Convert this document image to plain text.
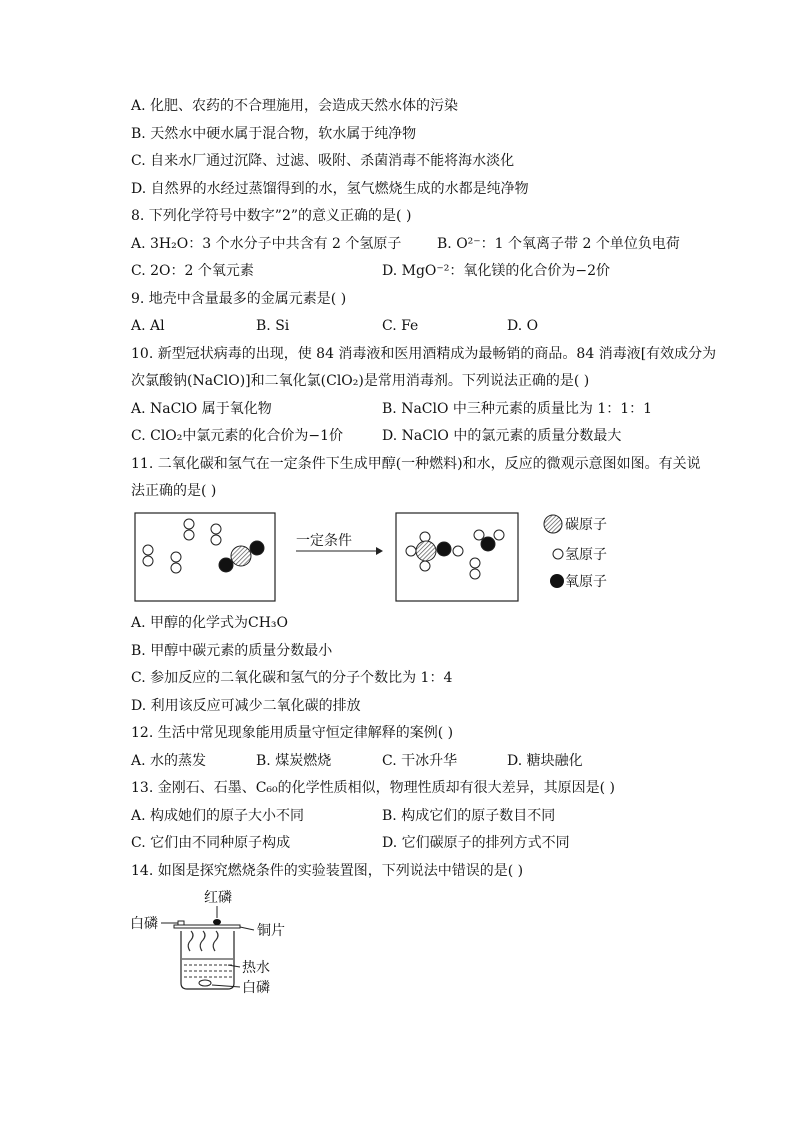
A. 化肥、农药的不合理施用，会造成天然水体的污染
B. 天然水中硬水属于混合物，软水属于纯净物
C. 自来水厂通过沉降、过滤、吸附、杀菌消毒不能将海水淡化
D. 自然界的水经过蒸馏得到的水，氢气燃烧生成的水都是纯净物
8. 下列化学符号中数字”2”的意义正确的是( )
A. 3H₂O：3 个水分子中共含有 2 个氢原子	B. O²⁻：1 个氧离子带 2 个单位负电荷
C. 2O：2 个氧元素	D. MgO⁻²：氧化镁的化合价为−2价
9. 地壳中含量最多的金属元素是( )
A. Al	B. Si	C. Fe	D. O
10. 新型冠状病毒的出现，使 84 消毒液和医用酒精成为最畅销的商品。84 消毒液[有效成分为
次氯酸钠(NaClO)]和二氧化氯(ClO₂)是常用消毒剂。下列说法正确的是( )
A. NaClO 属于氧化物	B. NaClO 中三种元素的质量比为 1：1：1
C. ClO₂中氯元素的化合价为−1价	D. NaClO 中的氯元素的质量分数最大
11. 二氧化碳和氢气在一定条件下生成甲醇(一种燃料)和水，反应的微观示意图如图。有关说
法正确的是( )
一定条件
碳原子
氢原子
氧原子
A. 甲醇的化学式为CH₃O
B. 甲醇中碳元素的质量分数最小
C. 参加反应的二氧化碳和氢气的分子个数比为 1：4
D. 利用该反应可减少二氧化碳的排放
12. 生活中常见现象能用质量守恒定律解释的案例( )
A. 水的蒸发	B. 煤炭燃烧	C. 干冰升华	D. 糖块融化
13. 金刚石、石墨、C₆₀的化学性质相似，物理性质却有很大差异，其原因是( )
A. 构成她们的原子大小不同	B. 构成它们的原子数目不同
C. 它们由不同种原子构成	D. 它们碳原子的排列方式不同
14. 如图是探究燃烧条件的实验装置图，下列说法中错误的是( )
红磷
白磷	铜片
热水
白磷
